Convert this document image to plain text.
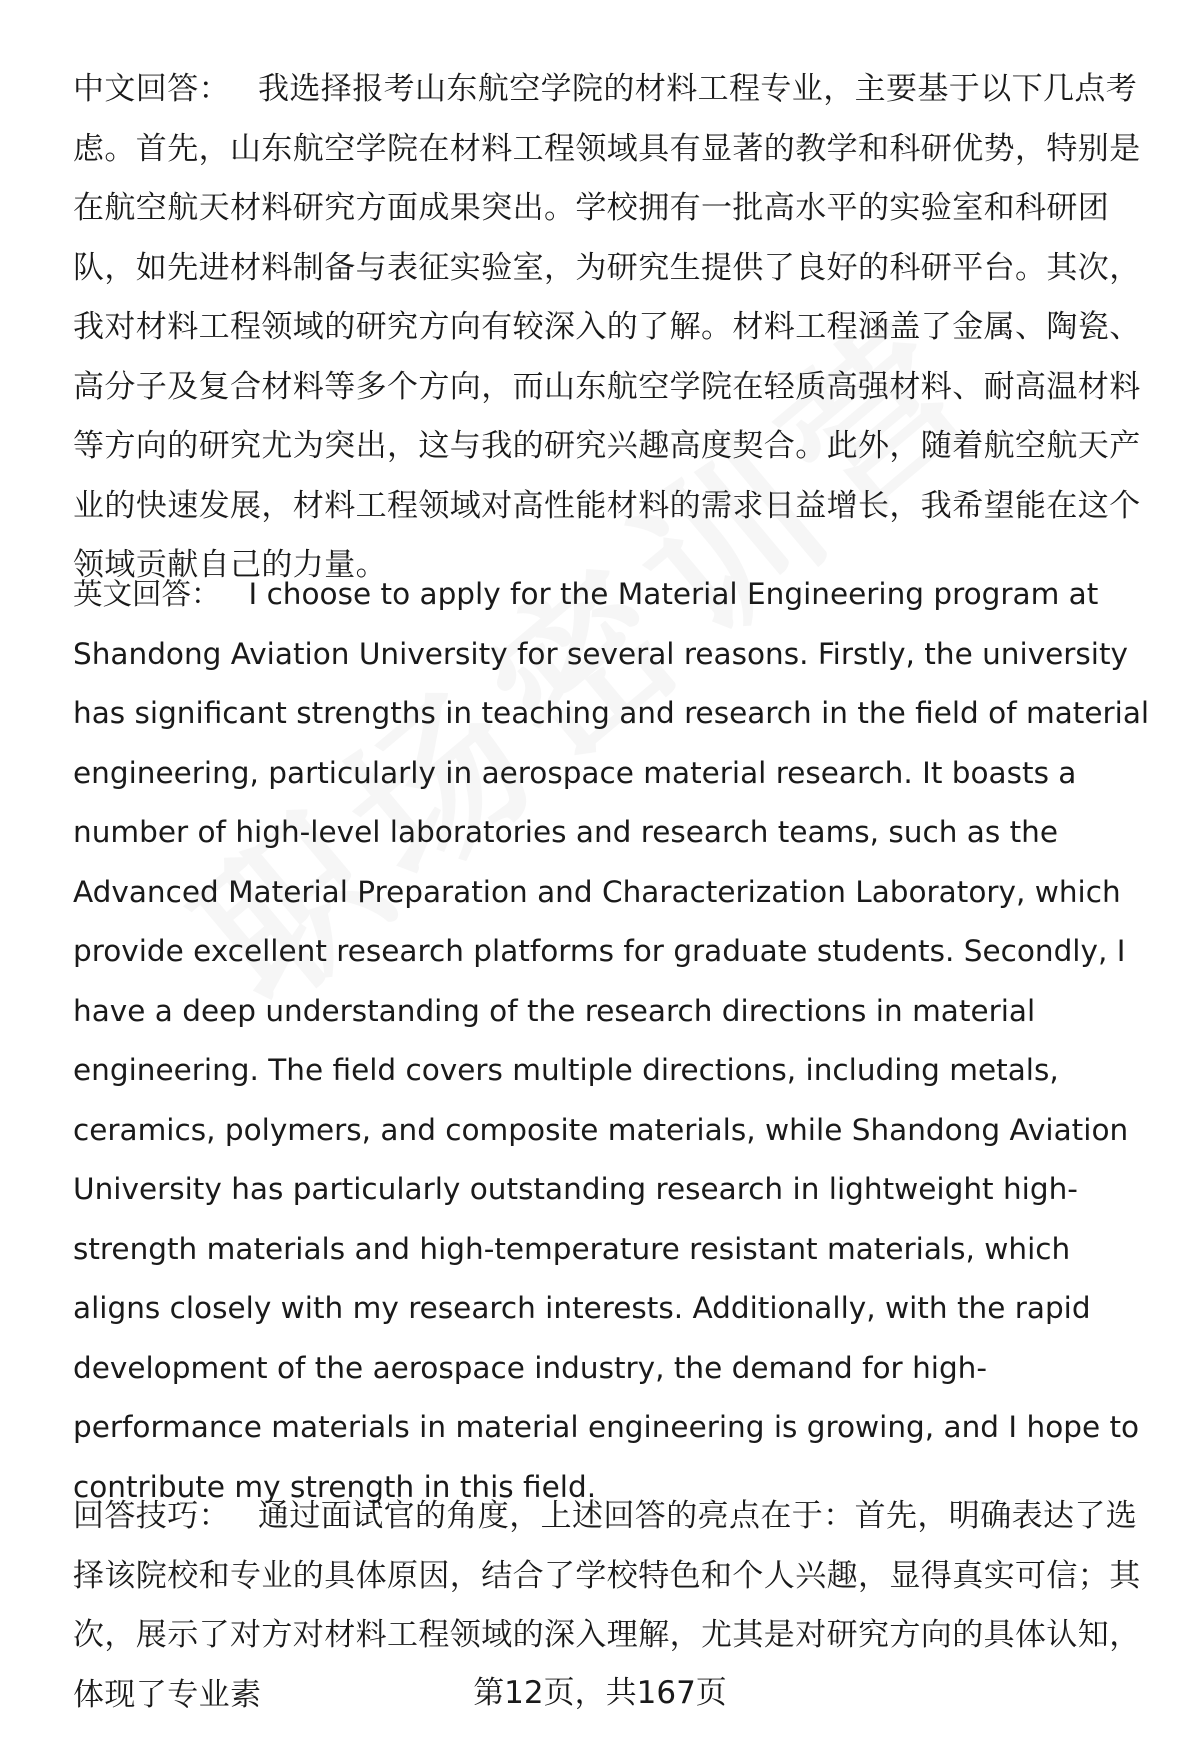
中文回答： 我选择报考山东航空学院的材料工程专业，主要基于以下几点考虑。首先，山东航空学院在材料工程领域具有显著的教学和科研优势，特别是在航空航天材料研究方面成果突出。学校拥有一批高水平的实验室和科研团队，如先进材料制备与表征实验室，为研究生提供了良好的科研平台。其次，我对材料工程领域的研究方向有较深入的了解。材料工程涵盖了金属、陶瓷、高分子及复合材料等多个方向，而山东航空学院在轻质高强材料、耐高温材料等方向的研究尤为突出，这与我的研究兴趣高度契合。此外，随着航空航天产业的快速发展，材料工程领域对高性能材料的需求日益增长，我希望能在这个领域贡献自己的力量。

英文回答： I choose to apply for the Material Engineering program at Shandong Aviation University for several reasons. Firstly, the university has significant strengths in teaching and research in the field of material engineering, particularly in aerospace material research. It boasts a number of high-level laboratories and research teams, such as the Advanced Material Preparation and Characterization Laboratory, which provide excellent research platforms for graduate students. Secondly, I have a deep understanding of the research directions in material engineering. The field covers multiple directions, including metals, ceramics, polymers, and composite materials, while Shandong Aviation University has particularly outstanding research in lightweight high-strength materials and high-temperature resistant materials, which aligns closely with my research interests. Additionally, with the rapid development of the aerospace industry, the demand for high-performance materials in material engineering is growing, and I hope to contribute my strength in this field.

回答技巧： 通过面试官的角度，上述回答的亮点在于：首先，明确表达了选择该院校和专业的具体原因，结合了学校特色和个人兴趣，显得真实可信；其次，展示了对方对材料工程领域的深入理解，尤其是对研究方向的具体认知，体现了专业素	第12页，共167页
